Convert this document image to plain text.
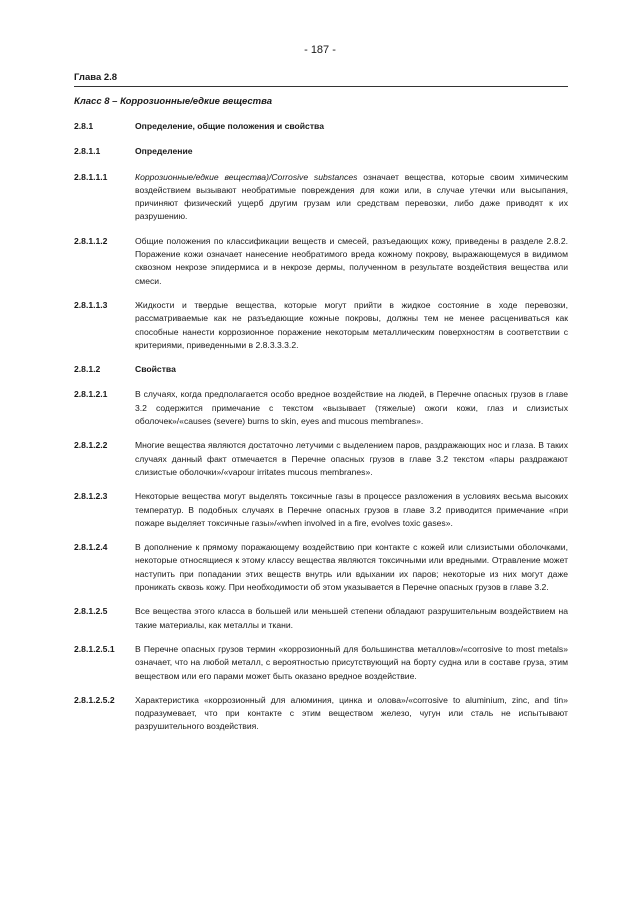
- 187 -
Глава 2.8
Класс 8 – Коррозионные/едкие вещества
2.8.1	Определение, общие положения и свойства
2.8.1.1	Определение
2.8.1.1.1	Коррозионные/едкие вещества)/Corrosive substances означает вещества, которые своим химическим воздействием вызывают необратимые повреждения для кожи или, в случае утечки или высыпания, причиняют физический ущерб другим грузам или средствам перевозки, либо даже приводят к их разрушению.
2.8.1.1.2	Общие положения по классификации веществ и смесей, разъедающих кожу, приведены в разделе 2.8.2. Поражение кожи означает нанесение необратимого вреда кожному покрову, выражающемуся в видимом сквозном некрозе эпидермиса и в некрозе дермы, полученном в результате воздействия вещества или смеси.
2.8.1.1.3	Жидкости и твердые вещества, которые могут прийти в жидкое состояние в ходе перевозки, рассматриваемые как не разъедающие кожные покровы, должны тем не менее расцениваться как способные нанести коррозионное поражение некоторым металлическим поверхностям в соответствии с критериями, приведенными в 2.8.3.3.3.2.
2.8.1.2	Свойства
2.8.1.2.1	В случаях, когда предполагается особо вредное воздействие на людей, в Перечне опасных грузов в главе 3.2 содержится примечание с текстом «вызывает (тяжелые) ожоги кожи, глаз и слизистых оболочек»/«causes (severe) burns to skin, eyes and mucous membranes».
2.8.1.2.2	Многие вещества являются достаточно летучими с выделением паров, раздражающих нос и глаза. В таких случаях данный факт отмечается в Перечне опасных грузов в главе 3.2 текстом «пары раздражают слизистые оболочки»/«vapour irritates mucous membranes».
2.8.1.2.3	Некоторые вещества могут выделять токсичные газы в процессе разложения в условиях весьма высоких температур. В подобных случаях в Перечне опасных грузов в главе 3.2 приводится примечание «при пожаре выделяет токсичные газы»/«when involved in a fire, evolves toxic gases».
2.8.1.2.4	В дополнение к прямому поражающему воздействию при контакте с кожей или слизистыми оболочками, некоторые относящиеся к этому классу вещества являются токсичными или вредными. Отравление может наступить при попадании этих веществ внутрь или вдыхании их паров; некоторые из них могут даже проникать сквозь кожу. При необходимости об этом указывается в Перечне опасных грузов в главе 3.2.
2.8.1.2.5	Все вещества этого класса в большей или меньшей степени обладают разрушительным воздействием на такие материалы, как металлы и ткани.
2.8.1.2.5.1	В Перечне опасных грузов термин «коррозионный для большинства металлов»/«corrosive to most metals» означает, что на любой металл, с вероятностью присутствующий на борту судна или в составе груза, этим веществом или его парами может быть оказано вредное воздействие.
2.8.1.2.5.2	Характеристика «коррозионный для алюминия, цинка и олова»/«corrosive to aluminium, zinc, and tin» подразумевает, что при контакте с этим веществом железо, чугун или сталь не испытывают разрушительного воздействия.
